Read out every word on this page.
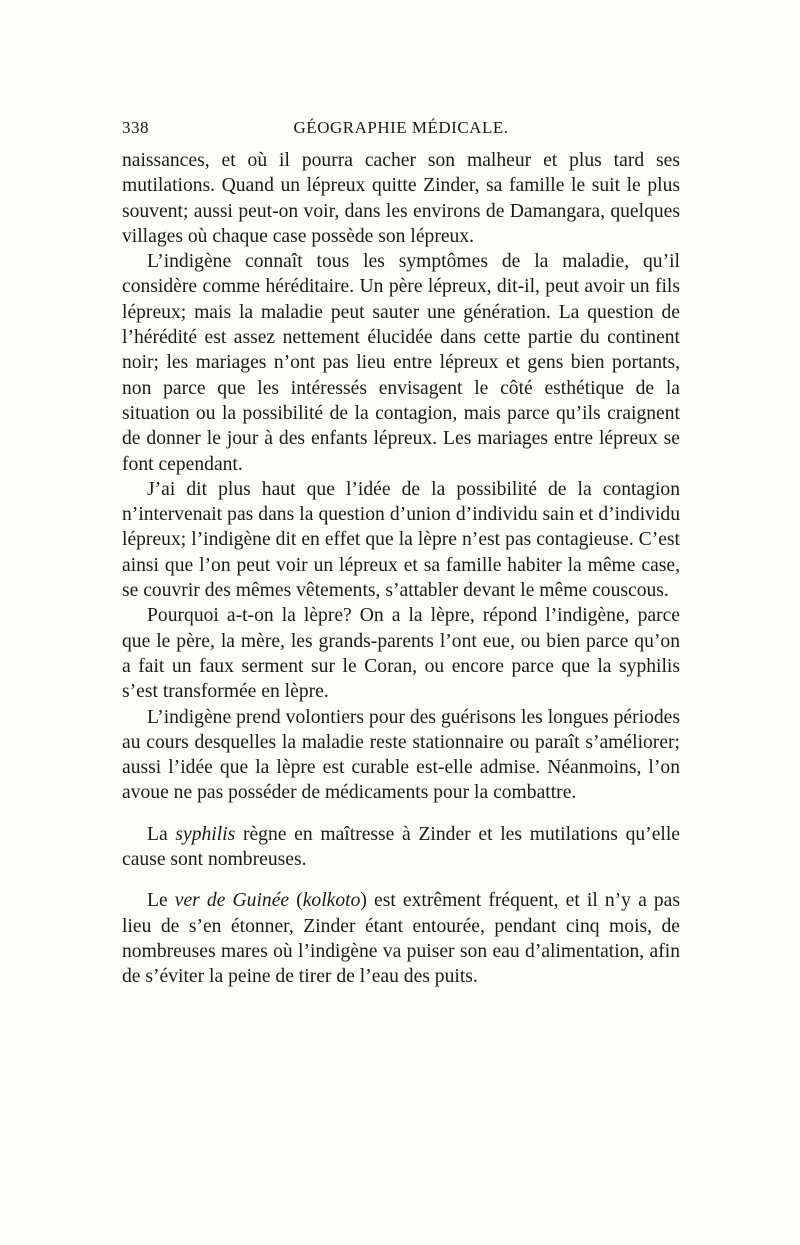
338	GÉOGRAPHIE MÉDICALE.

naissances, et où il pourra cacher son malheur et plus tard ses mutilations. Quand un lépreux quitte Zinder, sa famille le suit le plus souvent; aussi peut-on voir, dans les environs de Damangara, quelques villages où chaque case possède son lépreux.

L’indigène connaît tous les symptômes de la maladie, qu’il considère comme héréditaire. Un père lépreux, dit-il, peut avoir un fils lépreux; mais la maladie peut sauter une génération. La question de l’hérédité est assez nettement élucidée dans cette partie du continent noir; les mariages n’ont pas lieu entre lépreux et gens bien portants, non parce que les intéressés envisagent le côté esthétique de la situation ou la possibilité de la contagion, mais parce qu’ils craignent de donner le jour à des enfants lépreux. Les mariages entre lépreux se font cependant.

J’ai dit plus haut que l’idée de la possibilité de la contagion n’intervenait pas dans la question d’union d’individu sain et d’individu lépreux; l’indigène dit en effet que la lèpre n’est pas contagieuse. C’est ainsi que l’on peut voir un lépreux et sa famille habiter la même case, se couvrir des mêmes vêtements, s’attabler devant le même couscous.

Pourquoi a-t-on la lèpre? On a la lèpre, répond l’indigène, parce que le père, la mère, les grands-parents l’ont eue, ou bien parce qu’on a fait un faux serment sur le Coran, ou encore parce que la syphilis s’est transformée en lèpre.

L’indigène prend volontiers pour des guérisons les longues périodes au cours desquelles la maladie reste stationnaire ou paraît s’améliorer; aussi l’idée que la lèpre est curable est-elle admise. Néanmoins, l’on avoue ne pas posséder de médicaments pour la combattre.

La syphilis règne en maîtresse à Zinder et les mutilations qu’elle cause sont nombreuses.

Le ver de Guinée (kolkoto) est extrêment fréquent, et il n’y a pas lieu de s’en étonner, Zinder étant entourée, pendant cinq mois, de nombreuses mares où l’indigène va puiser son eau d’alimentation, afin de s’éviter la peine de tirer de l’eau des puits.
